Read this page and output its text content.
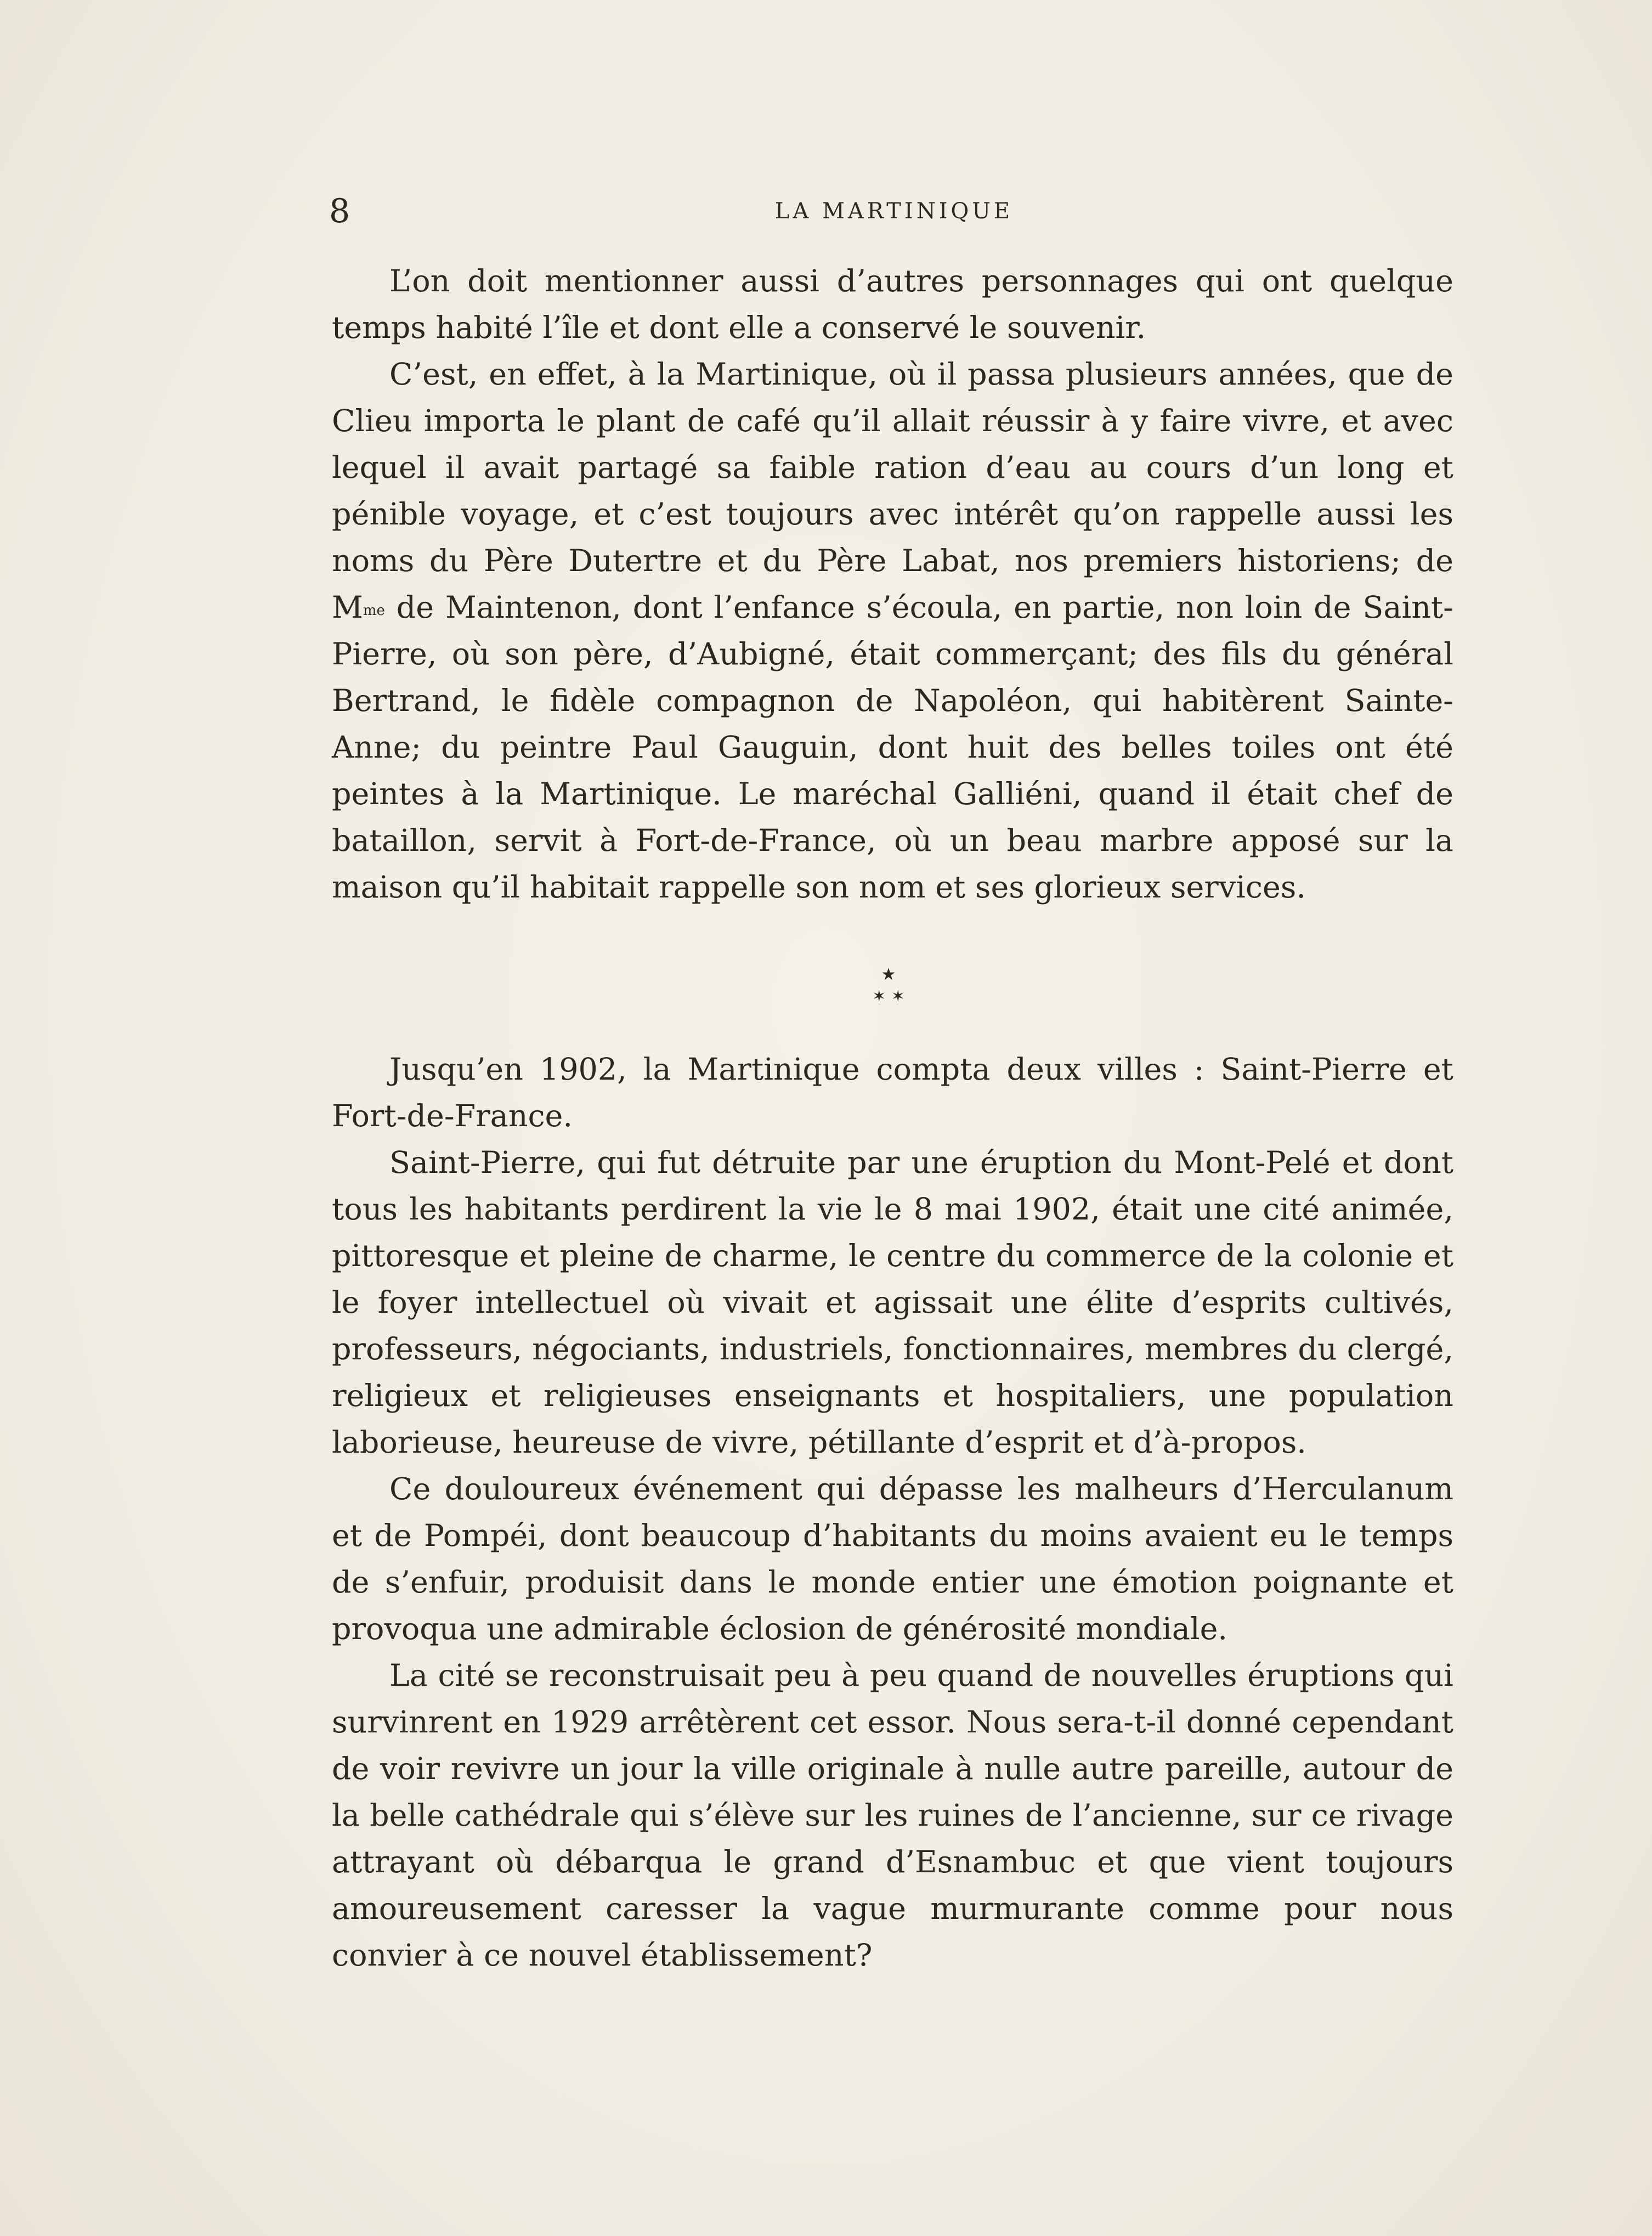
8	LA MARTINIQUE

L’on doit mentionner aussi d’autres personnages qui ont quelque temps habité l’île et dont elle a conservé le souvenir.

C’est, en effet, à la Martinique, où il passa plusieurs années, que de Clieu importa le plant de café qu’il allait réussir à y faire vivre, et avec lequel il avait partagé sa faible ration d’eau au cours d’un long et pénible voyage, et c’est toujours avec intérêt qu’on rappelle aussi les noms du Père Dutertre et du Père Labat, nos premiers historiens; de $M^{me}$ de Maintenon, dont l’enfance s’écoula, en partie, non loin de Saint-Pierre, où son père, d’Aubigné, était commerçant; des fils du général Bertrand, le fidèle compagnon de Napoléon, qui habitèrent Sainte-Anne; du peintre Paul Gauguin, dont huit des belles toiles ont été peintes à la Martinique. Le maréchal Galliéni, quand il était chef de bataillon, servit à Fort-de-France, où un beau marbre apposé sur la maison qu’il habitait rappelle son nom et ses glorieux services.

★
✶ ✶

Jusqu’en 1902, la Martinique compta deux villes : Saint-Pierre et Fort-de-France.

Saint-Pierre, qui fut détruite par une éruption du Mont-Pelé et dont tous les habitants perdirent la vie le 8 mai 1902, était une cité animée, pittoresque et pleine de charme, le centre du commerce de la colonie et le foyer intellectuel où vivait et agissait une élite d’esprits cultivés, professeurs, négociants, industriels, fonctionnaires, membres du clergé, religieux et religieuses enseignants et hospitaliers, une population laborieuse, heureuse de vivre, pétillante d’esprit et d’à-propos.

Ce douloureux événement qui dépasse les malheurs d’Herculanum et de Pompéi, dont beaucoup d’habitants du moins avaient eu le temps de s’enfuir, produisit dans le monde entier une émotion poignante et provoqua une admirable éclosion de générosité mondiale.

La cité se reconstruisait peu à peu quand de nouvelles éruptions qui survinrent en 1929 arrêtèrent cet essor. Nous sera-t-il donné cependant de voir revivre un jour la ville originale à nulle autre pareille, autour de la belle cathédrale qui s’élève sur les ruines de l’ancienne, sur ce rivage attrayant où débarqua le grand d’Esnambuc et que vient toujours amoureusement caresser la vague murmurante comme pour nous convier à ce nouvel établissement?
